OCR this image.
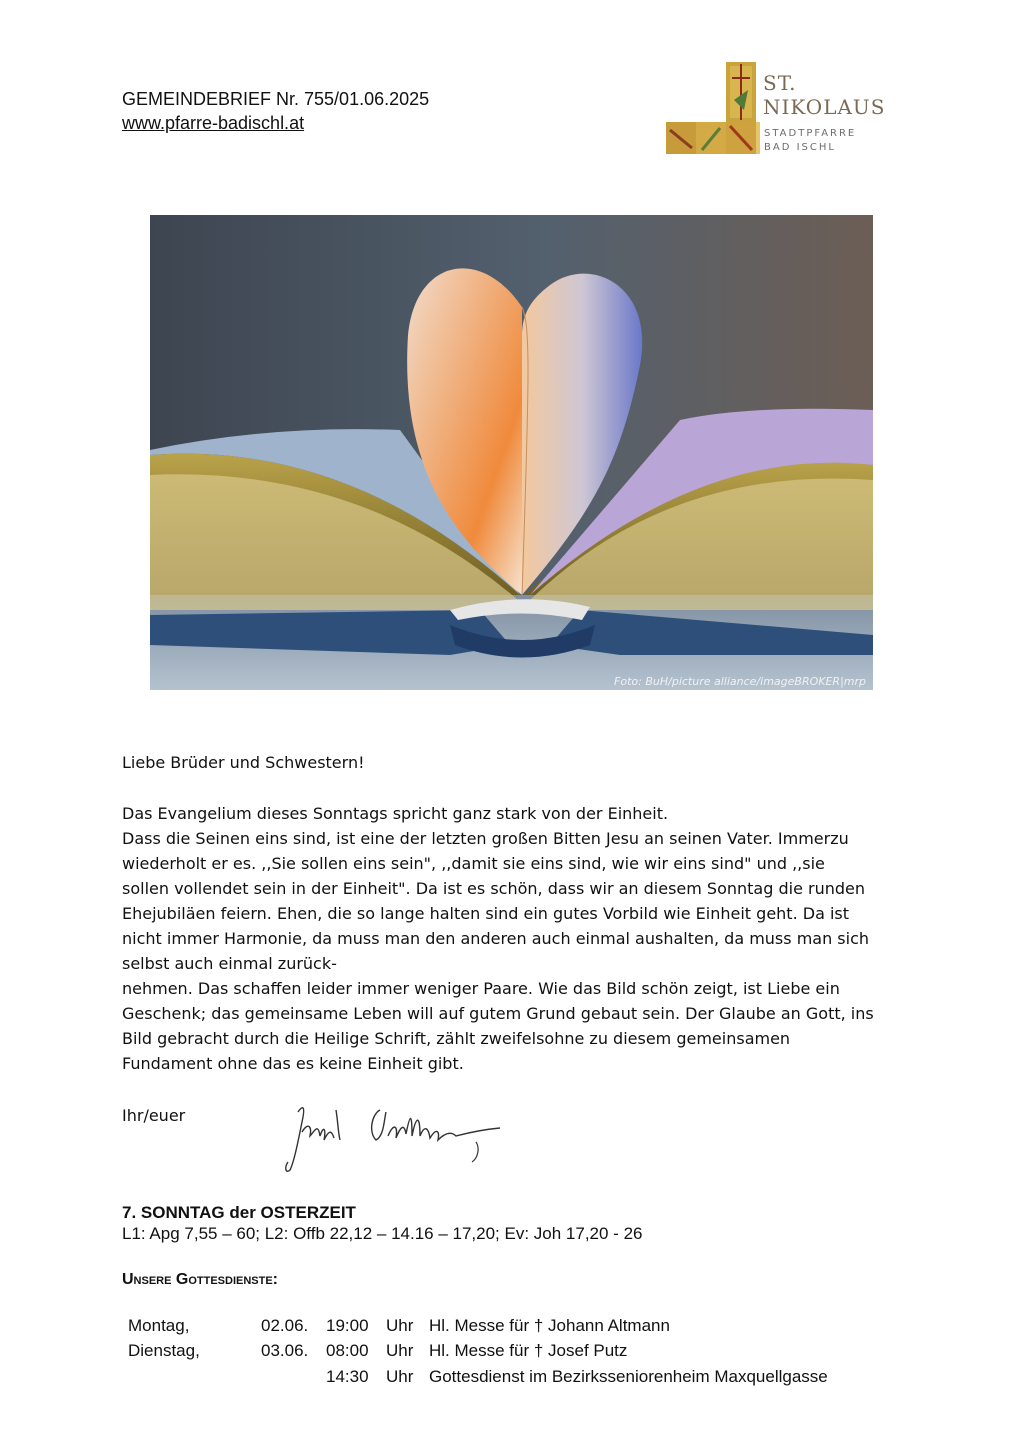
GEMEINDEBRIEF Nr. 755/01.06.2025
www.pfarre-badischl.at
ST.
NIKOLAUS
STADTPFARRE
BAD ISCHL
Foto: BuH/picture alliance/imageBROKER|mrp
Liebe Brüder und Schwestern!

Das Evangelium dieses Sonntags spricht ganz stark von der Einheit.

Dass die Seinen eins sind, ist eine der letzten großen Bitten Jesu an seinen Vater. Immerzu

wiederholt er es. ,,Sie sollen eins sein", ,,damit sie eins sind, wie wir eins sind" und ,,sie

sollen vollendet sein in der Einheit". Da ist es schön, dass wir an diesem Sonntag die runden

Ehejubiläen feiern. Ehen, die so lange halten sind ein gutes Vorbild wie Einheit geht. Da ist

nicht immer Harmonie, da muss man den anderen auch einmal aushalten, da muss man sich

selbst auch einmal zurück-

nehmen. Das schaffen leider immer weniger Paare. Wie das Bild schön zeigt, ist Liebe ein

Geschenk; das gemeinsame Leben will auf gutem Grund gebaut sein. Der Glaube an Gott, ins

Bild gebracht durch die Heilige Schrift, zählt zweifelsohne zu diesem gemeinsamen

Fundament ohne das es keine Einheit gibt.

Ihr/euer
7. SONNTAG der OSTERZEIT
L1: Apg 7,55 – 60; L2: Offb 22,12 – 14.16 – 17,20; Ev: Joh 17,20 - 26
Unsere Gottesdienste:
Montag,	02.06. 19:00 Uhr Hl. Messe für † Johann Altmann
Dienstag,	03.06. 08:00 Uhr Hl. Messe für † Josef Putz
14:30 Uhr Gottesdienst im Bezirksseniorenheim Maxquellgasse
